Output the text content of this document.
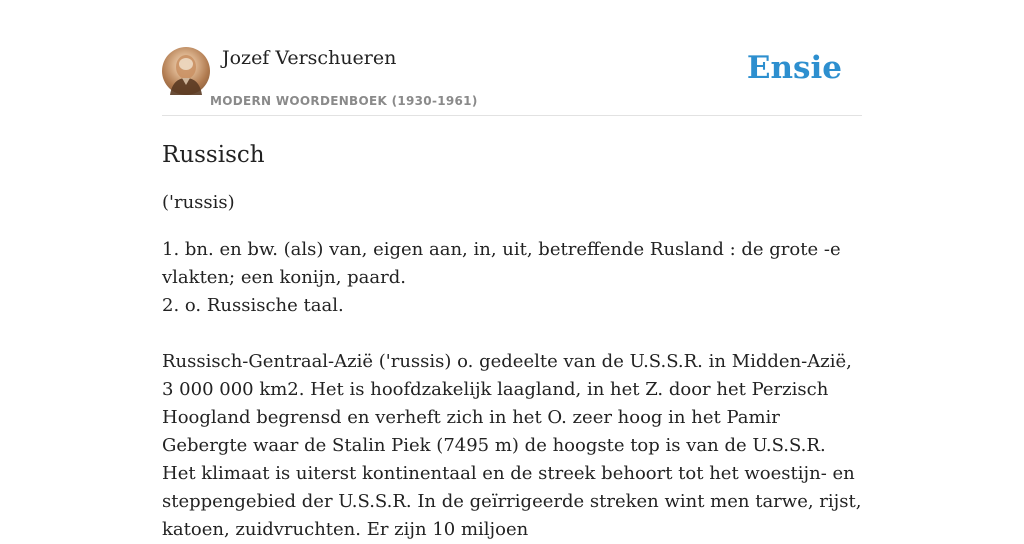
Jozef Verschueren
MODERN WOORDENBOEK (1930-1961)
Ensie
Russisch

('russis)

1. bn. en bw. (als) van, eigen aan, in, uit, betreffende Rusland : de grote -e vlakten; een konijn, paard.
2. o. Russische taal.
Russisch-Gentraal-Azië ('russis) o. gedeelte van de U.S.S.R. in Midden-Azië, 3 000 000 km2. Het is hoofdzakelijk laagland, in het Z. door het Perzisch Hoogland begrensd en verheft zich in het O. zeer hoog in het Pamir Gebergte waar de Stalin Piek (7495 m) de hoogste top is van de U.S.S.R. Het klimaat is uiterst kontinentaal en de streek behoort tot het woestijn- en steppengebied der U.S.S.R. In de geïrrigeerde streken wint men tarwe, rijst, katoen, zuidvruchten. Er zijn 10 miljoen
